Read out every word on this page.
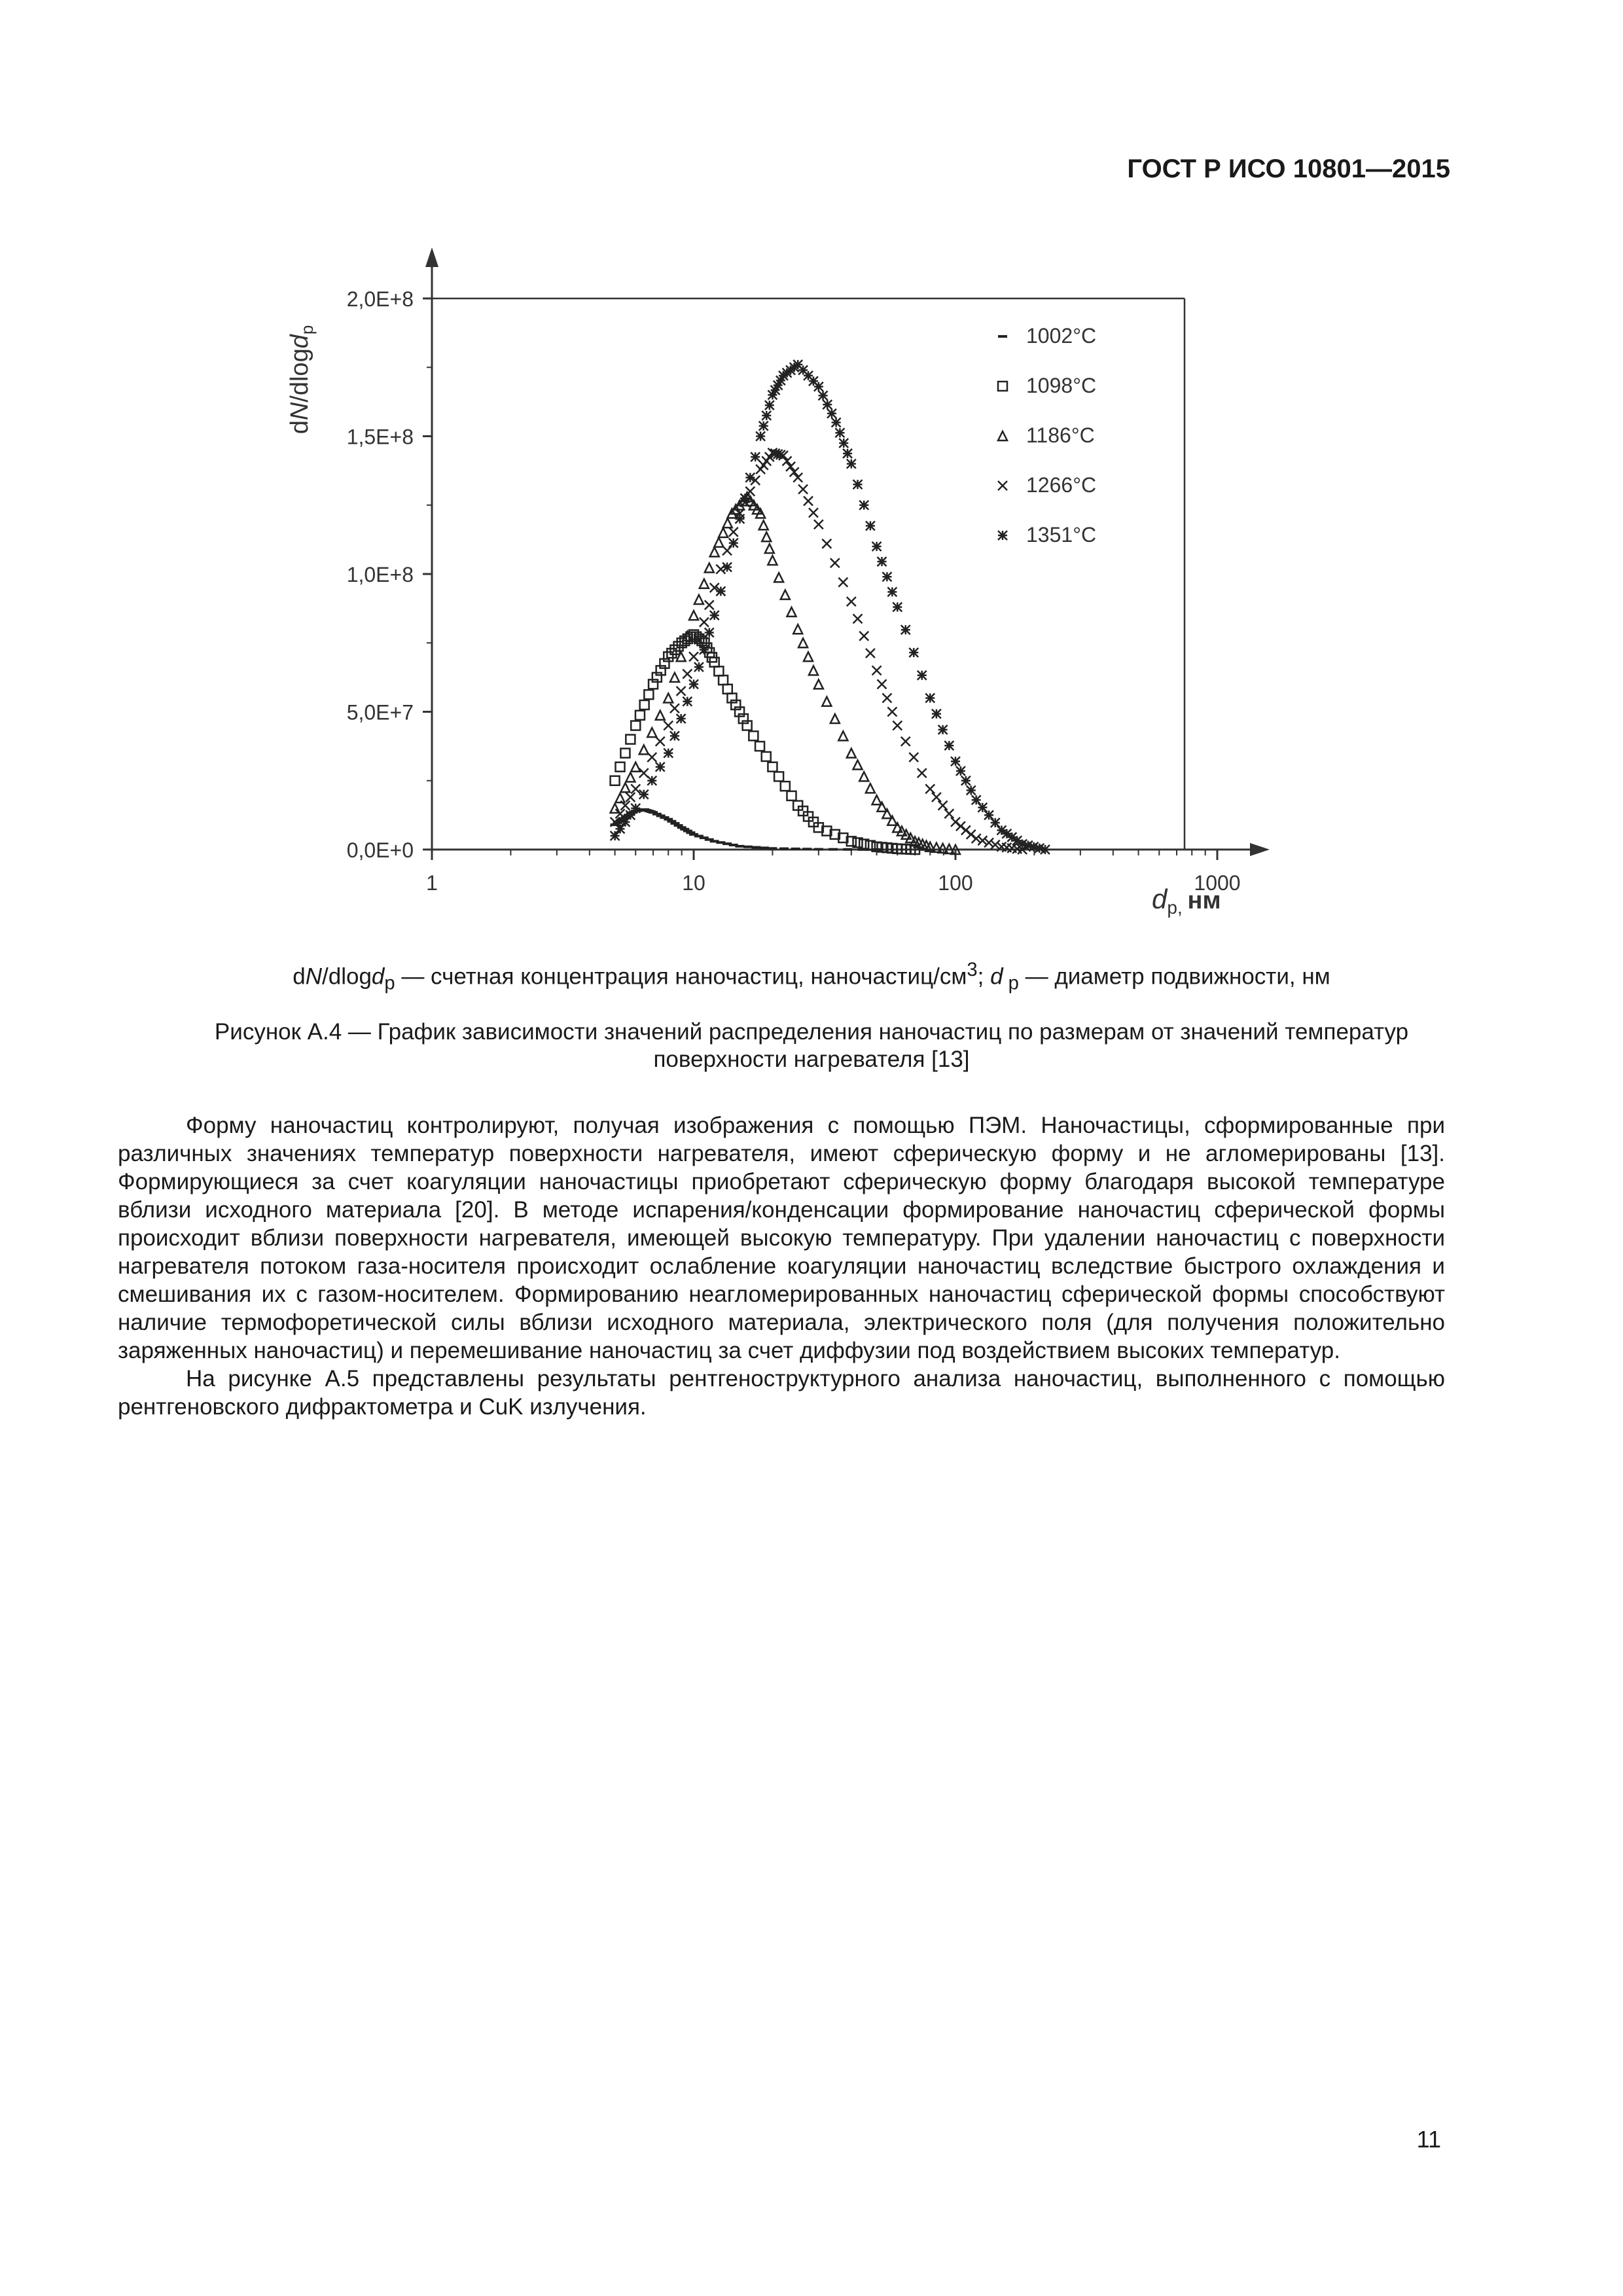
ГОСТ Р ИСО 10801—2015
0,0E+0
5,0E+7
1,0E+8
1,5E+8
2,0E+8
1	10	100	1000
1002°C
1098°C
1186°C
1266°C
1351°C
dN/dlogd$_p$
dp, нм
dN/dlogd$_p$ — счетная концентрация наночастиц, наночастиц/$см^3$; d $_p$ — диаметр подвижности, нм
Рисунок А.4 — График зависимости значений распределения наночастиц по размерам от значений температур
поверхности нагревателя [13]

Форму наночастиц контролируют, получая изображения с помощью ПЭМ. Наночастицы, сформированные при различных значениях температур поверхности нагревателя, имеют сферическую форму и не агломерированы [13]. Формирующиеся за счет коагуляции наночастицы приобретают сферическую форму благодаря высокой температуре вблизи исходного материала [20]. В методе испарения/конденсации формирование наночастиц сферической формы происходит вблизи поверхности нагревателя, имеющей высокую температуру. При удалении наночастиц с поверхности нагревателя потоком газа-носителя происходит ослабление коагуляции наночастиц вследствие быстрого охлаждения и смешивания их с газом-носителем. Формированию неагломерированных наночастиц сферической формы способствуют наличие термофоретической силы вблизи исходного материала, электрического поля (для получения положительно заряженных наночастиц) и перемешивание наночастиц за счет диффузии под воздействием высоких температур.

На рисунке А.5 представлены результаты рентгеноструктурного анализа наночастиц, выполненного с помощью рентгеновского дифрактометра и CuK излучения.

11
